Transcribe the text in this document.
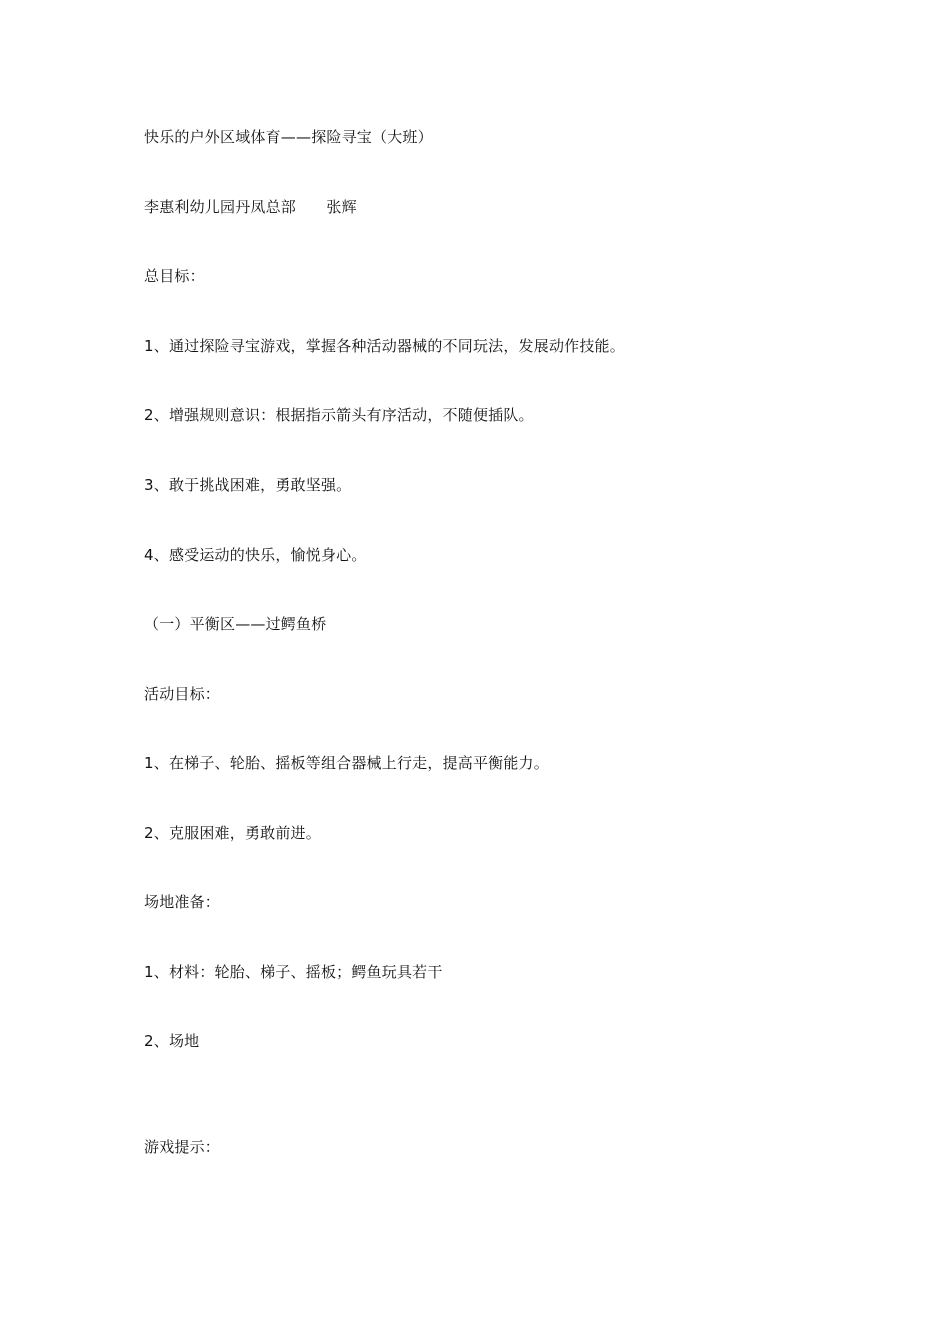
快乐的户外区域体育——探险寻宝（大班）
李惠利幼儿园丹凤总部　　张辉
总目标：
1、通过探险寻宝游戏，掌握各种活动器械的不同玩法，发展动作技能。
2、增强规则意识：根据指示箭头有序活动，不随便插队。
3、敢于挑战困难，勇敢坚强。
4、感受运动的快乐，愉悦身心。
（一）平衡区——过鳄鱼桥
活动目标：
1、在梯子、轮胎、摇板等组合器械上行走，提高平衡能力。
2、克服困难，勇敢前进。
场地准备：
1、材料：轮胎、梯子、摇板；鳄鱼玩具若干
2、场地
游戏提示：
